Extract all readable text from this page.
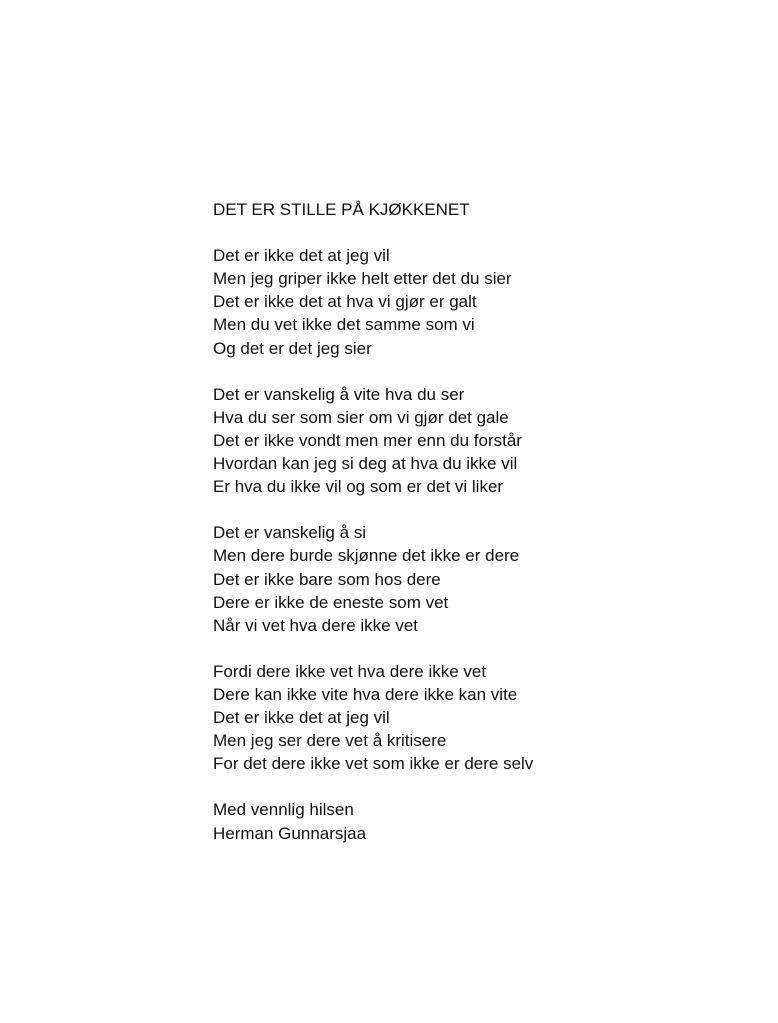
DET ER STILLE PÅ KJØKKENET
Det er ikke det at jeg vil
Men jeg griper ikke helt etter det du sier
Det er ikke det at hva vi gjør er galt
Men du vet ikke det samme som vi
Og det er det jeg sier
Det er vanskelig å vite hva du ser
Hva du ser som sier om vi gjør det gale
Det er ikke vondt men mer enn du forstår
Hvordan kan jeg si deg at hva du ikke vil
Er hva du ikke vil og som er det vi liker
Det er vanskelig å si
Men dere burde skjønne det ikke er dere
Det er ikke bare som hos dere
Dere er ikke de eneste som vet
Når vi vet hva dere ikke vet
Fordi dere ikke vet hva dere ikke vet
Dere kan ikke vite hva dere ikke kan vite
Det er ikke det at jeg vil
Men jeg ser dere vet å kritisere
For det dere ikke vet som ikke er dere selv
Med vennlig hilsen
Herman Gunnarsjaa
